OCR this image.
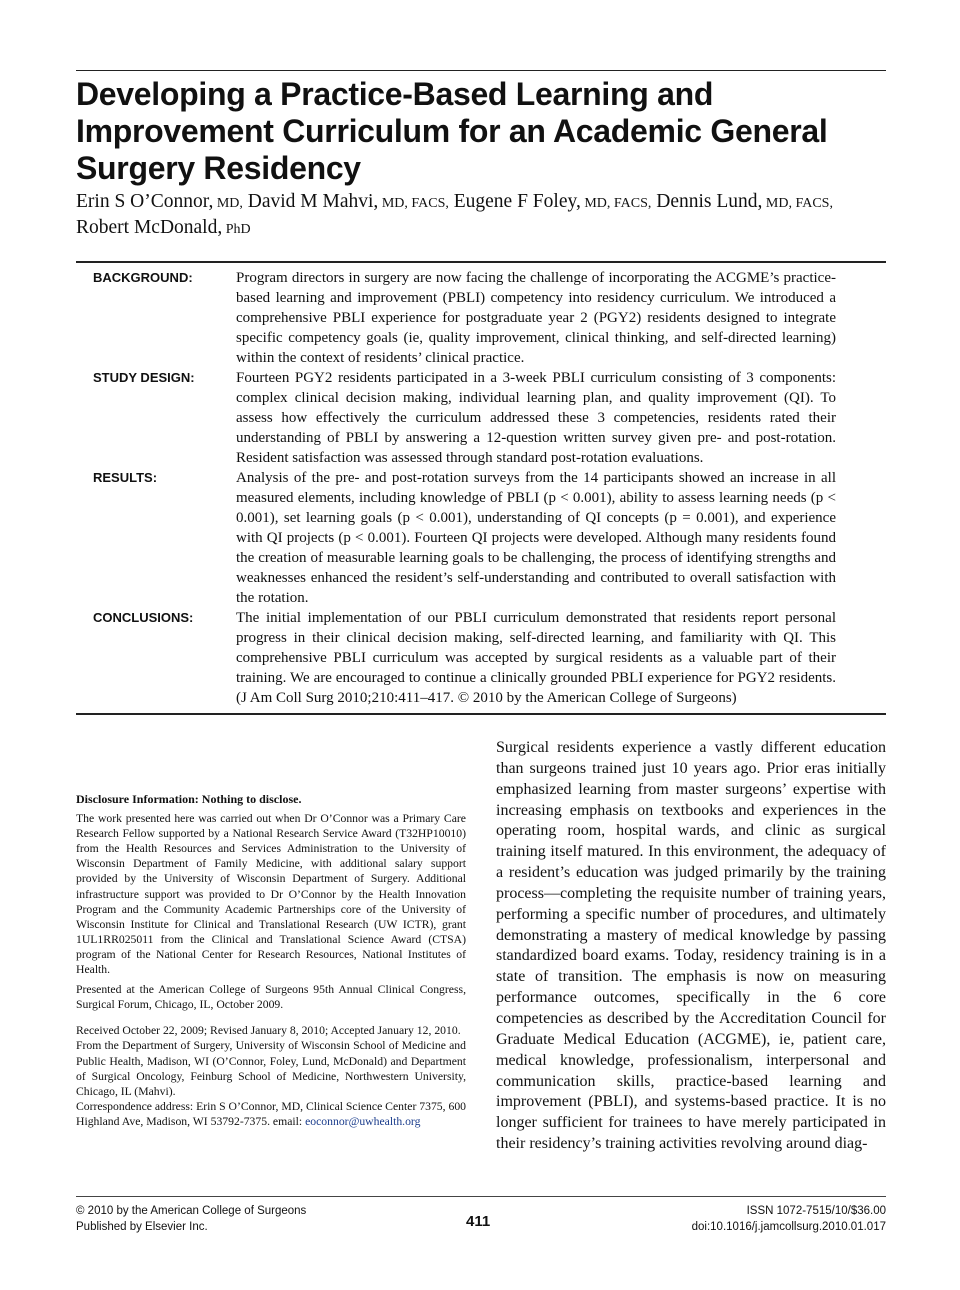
Developing a Practice-Based Learning and Improvement Curriculum for an Academic General Surgery Residency
Erin S O’Connor, MD, David M Mahvi, MD, FACS, Eugene F Foley, MD, FACS, Dennis Lund, MD, FACS,
Robert McDonald, PhD
BACKGROUND:	Program directors in surgery are now facing the challenge of incorporating the ACGME’s practice-based learning and improvement (PBLI) competency into residency curriculum. We introduced a comprehensive PBLI experience for postgraduate year 2 (PGY2) residents designed to integrate specific competency goals (ie, quality improvement, clinical thinking, and self-directed learning) within the context of residents’ clinical practice.
STUDY DESIGN:	Fourteen PGY2 residents participated in a 3-week PBLI curriculum consisting of 3 components: complex clinical decision making, individual learning plan, and quality improvement (QI). To assess how effectively the curriculum addressed these 3 competencies, residents rated their understanding of PBLI by answering a 12-question written survey given pre- and post-rotation. Resident satisfaction was assessed through standard post-rotation evaluations.
RESULTS:	Analysis of the pre- and post-rotation surveys from the 14 participants showed an increase in all measured elements, including knowledge of PBLI (p < 0.001), ability to assess learning needs (p < 0.001), set learning goals (p < 0.001), understanding of QI concepts (p = 0.001), and experience with QI projects (p < 0.001). Fourteen QI projects were developed. Although many residents found the creation of measurable learning goals to be challenging, the process of identifying strengths and weaknesses enhanced the resident’s self-understanding and contributed to overall satisfaction with the rotation.
CONCLUSIONS:	The initial implementation of our PBLI curriculum demonstrated that residents report personal progress in their clinical decision making, self-directed learning, and familiarity with QI. This comprehensive PBLI curriculum was accepted by surgical residents as a valuable part of their training. We are encouraged to continue a clinically grounded PBLI experience for PGY2 residents. (J Am Coll Surg 2010;210:411–417. © 2010 by the American College of Surgeons)

Disclosure Information: Nothing to disclose.

The work presented here was carried out when Dr O’Connor was a Primary Care Research Fellow supported by a National Research Service Award (T32HP10010) from the Health Resources and Services Administration to the University of Wisconsin Department of Family Medicine, with additional salary support provided by the University of Wisconsin Department of Surgery. Additional infrastructure support was provided to Dr O’Connor by the Health Innovation Program and the Community Academic Partnerships core of the University of Wisconsin Institute for Clinical and Translational Research (UW ICTR), grant 1UL1RR025011 from the Clinical and Translational Science Award (CTSA) program of the National Center for Research Resources, National Institutes of Health.

Presented at the American College of Surgeons 95th Annual Clinical Congress, Surgical Forum, Chicago, IL, October 2009.

Received October 22, 2009; Revised January 8, 2010; Accepted January 12, 2010.

From the Department of Surgery, University of Wisconsin School of Medicine and Public Health, Madison, WI (O’Connor, Foley, Lund, McDonald) and Department of Surgical Oncology, Feinburg School of Medicine, Northwestern University, Chicago, IL (Mahvi).

Correspondence address: Erin S O’Connor, MD, Clinical Science Center 7375, 600 Highland Ave, Madison, WI 53792-7375. email: eoconnor@uwhealth.org

Surgical residents experience a vastly different education than surgeons trained just 10 years ago. Prior eras initially emphasized learning from master surgeons’ expertise with increasing emphasis on textbooks and experiences in the operating room, hospital wards, and clinic as surgical training itself matured. In this environment, the adequacy of a resident’s education was judged primarily by the training process—completing the requisite number of training years, performing a specific number of procedures, and ultimately demonstrating a mastery of medical knowledge by passing standardized board exams. Today, residency training is in a state of transition. The emphasis is now on measuring performance outcomes, specifically in the 6 core competencies as described by the Accreditation Council for Graduate Medical Education (ACGME), ie, patient care, medical knowledge, professionalism, interpersonal and communication skills, practice-based learning and improvement (PBLI), and systems-based practice. It is no longer sufficient for trainees to have merely participated in their residency’s training activities revolving around diag-
© 2010 by the American College of Surgeons
Published by Elsevier Inc.	411
ISSN 1072-7515/10/$36.00
doi:10.1016/j.jamcollsurg.2010.01.017
